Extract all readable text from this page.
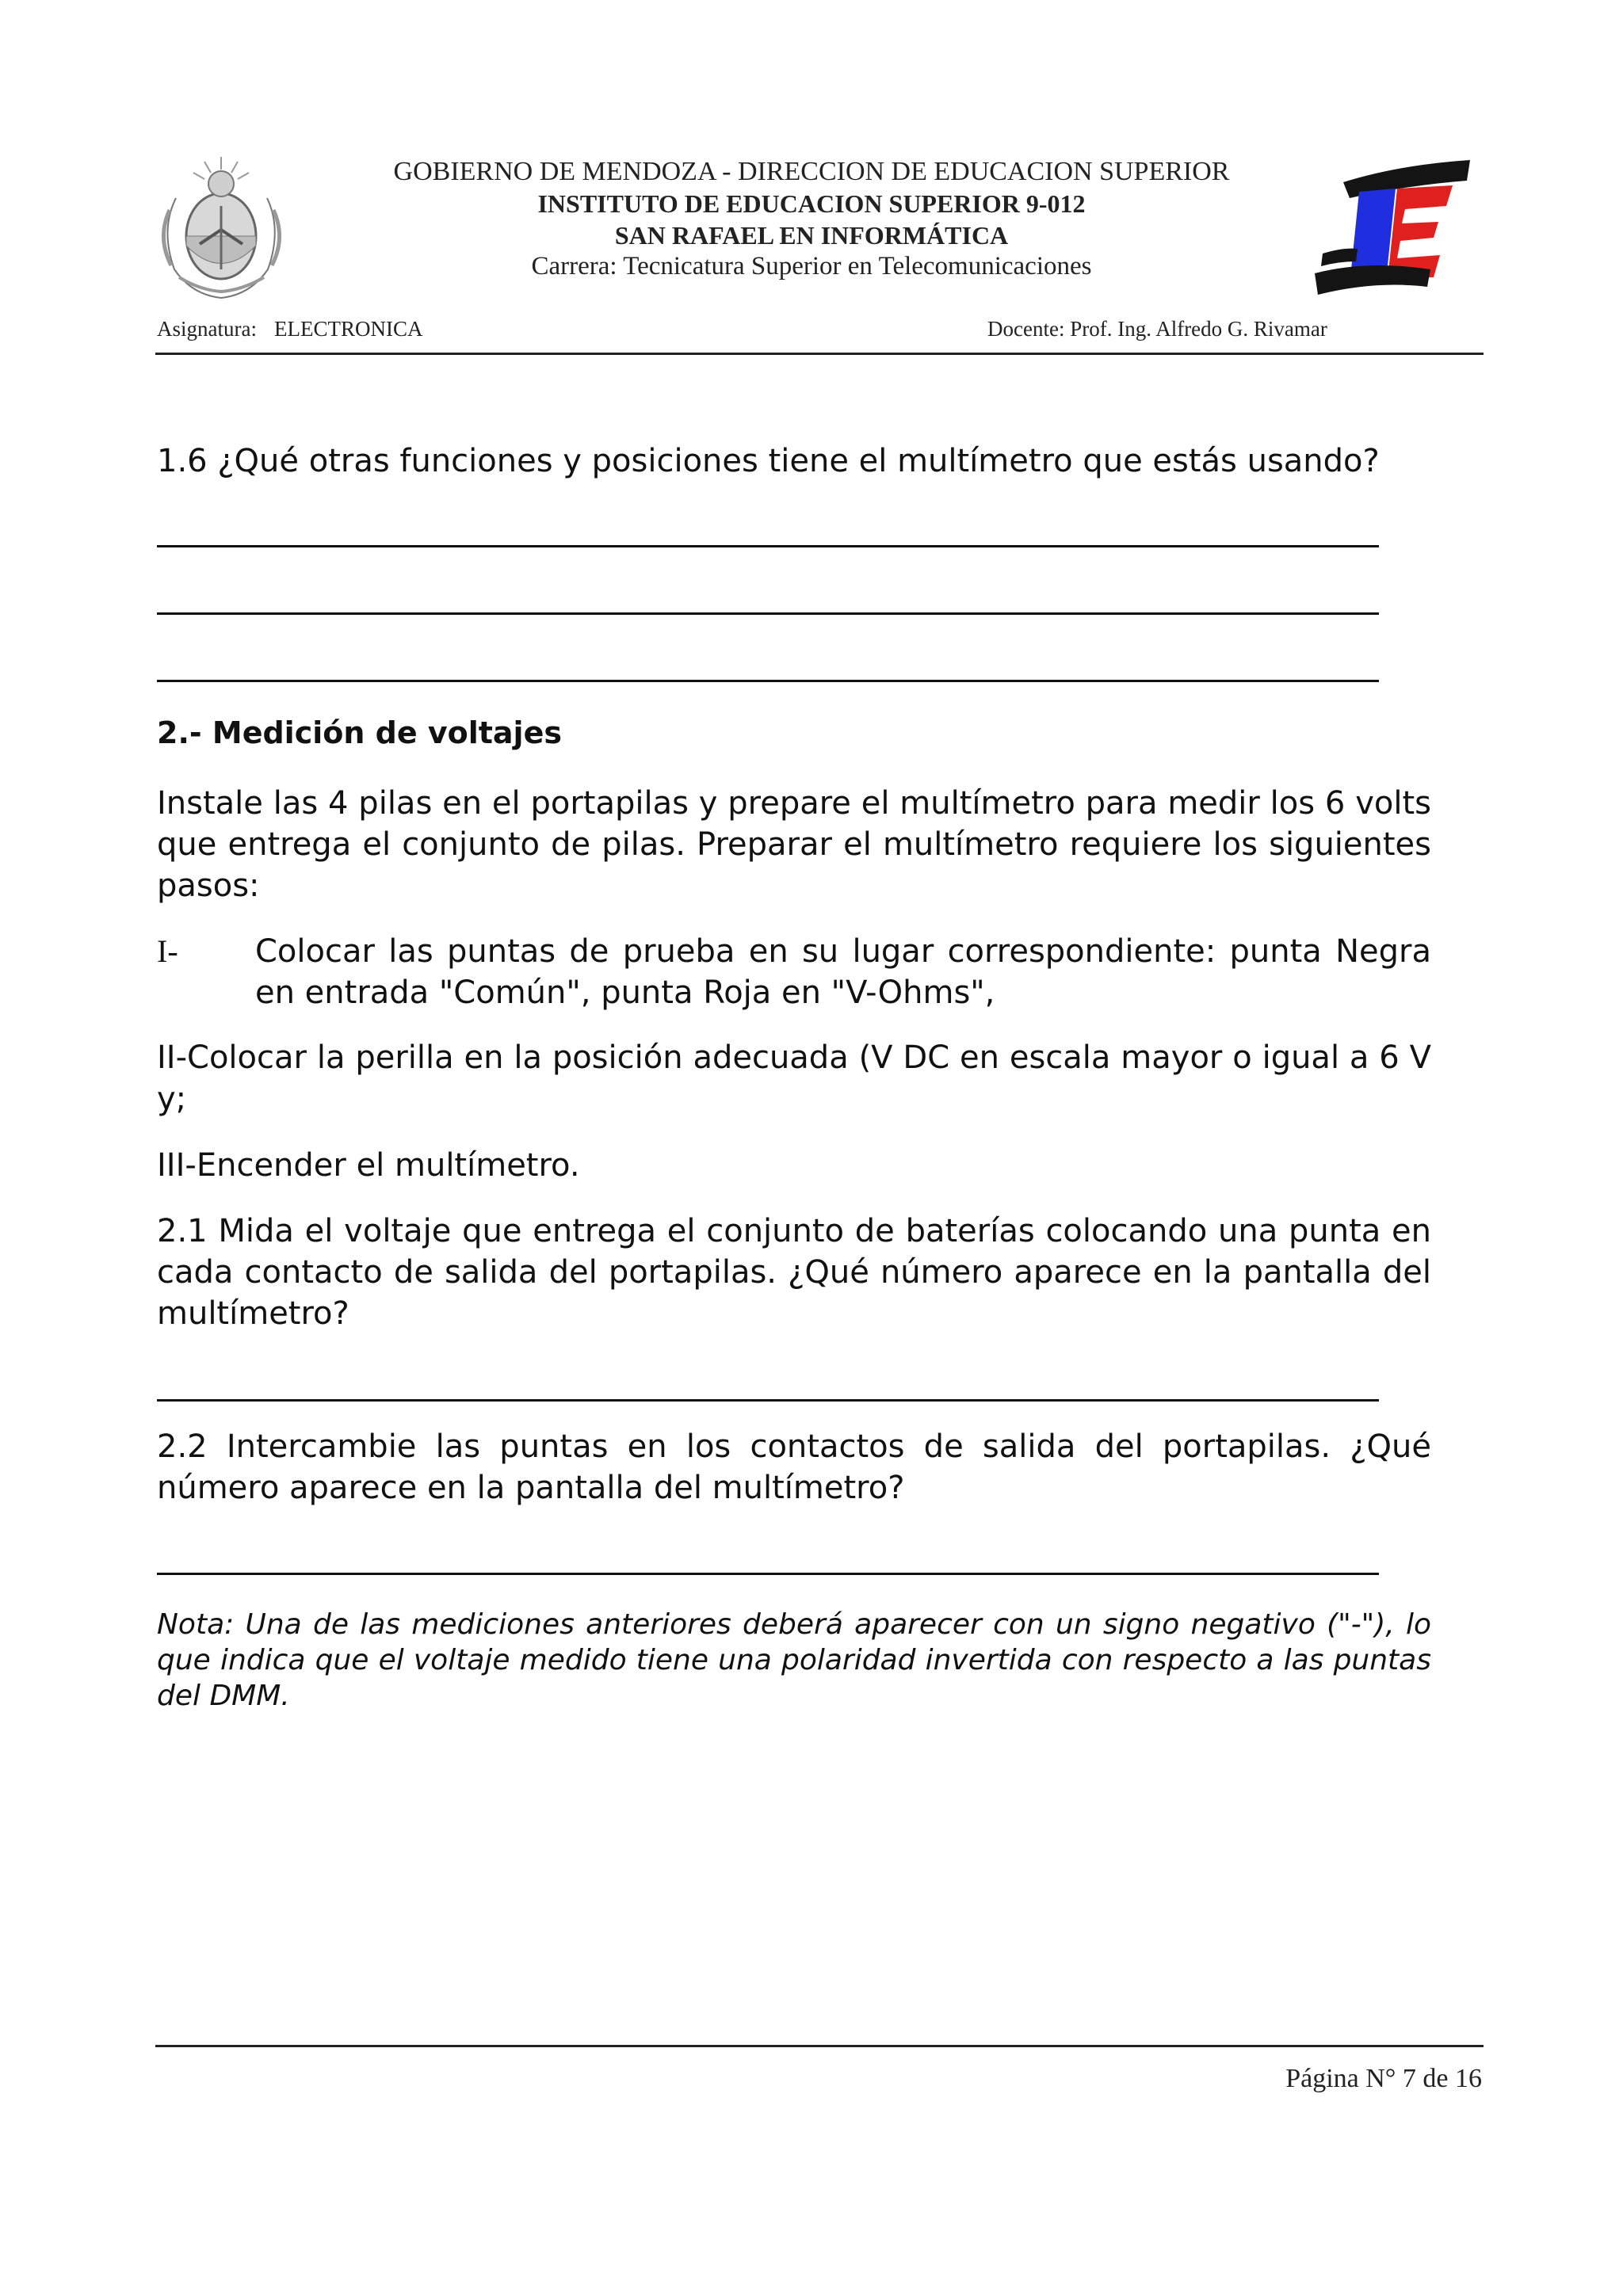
GOBIERNO DE MENDOZA - DIRECCION DE EDUCACION SUPERIOR
INSTITUTO DE EDUCACION SUPERIOR 9-012
SAN RAFAEL EN INFORMÁTICA
Carrera: Tecnicatura Superior en Telecomunicaciones
Asignatura: ELECTRONICA	Docente: Prof. Ing. Alfredo G. Rivamar
1.6 ¿Qué otras funciones y posiciones tiene el multímetro que estás usando?
2.- Medición de voltajes
Instale las 4 pilas en el portapilas y prepare el multímetro para medir los 6 volts que entrega el conjunto de pilas. Preparar el multímetro requiere los siguientes pasos:
I- Colocar las puntas de prueba en su lugar correspondiente: punta Negra en entrada "Común", punta Roja en "V-Ohms",
II-Colocar la perilla en la posición adecuada (V DC en escala mayor o igual a 6 V y;
III-Encender el multímetro.
2.1 Mida el voltaje que entrega el conjunto de baterías colocando una punta en cada contacto de salida del portapilas. ¿Qué número aparece en la pantalla del multímetro?
2.2 Intercambie las puntas en los contactos de salida del portapilas. ¿Qué número aparece en la pantalla del multímetro?
Nota: Una de las mediciones anteriores deberá aparecer con un signo negativo ("-"), lo que indica que el voltaje medido tiene una polaridad invertida con respecto a las puntas del DMM.
Página N° 7 de 16
